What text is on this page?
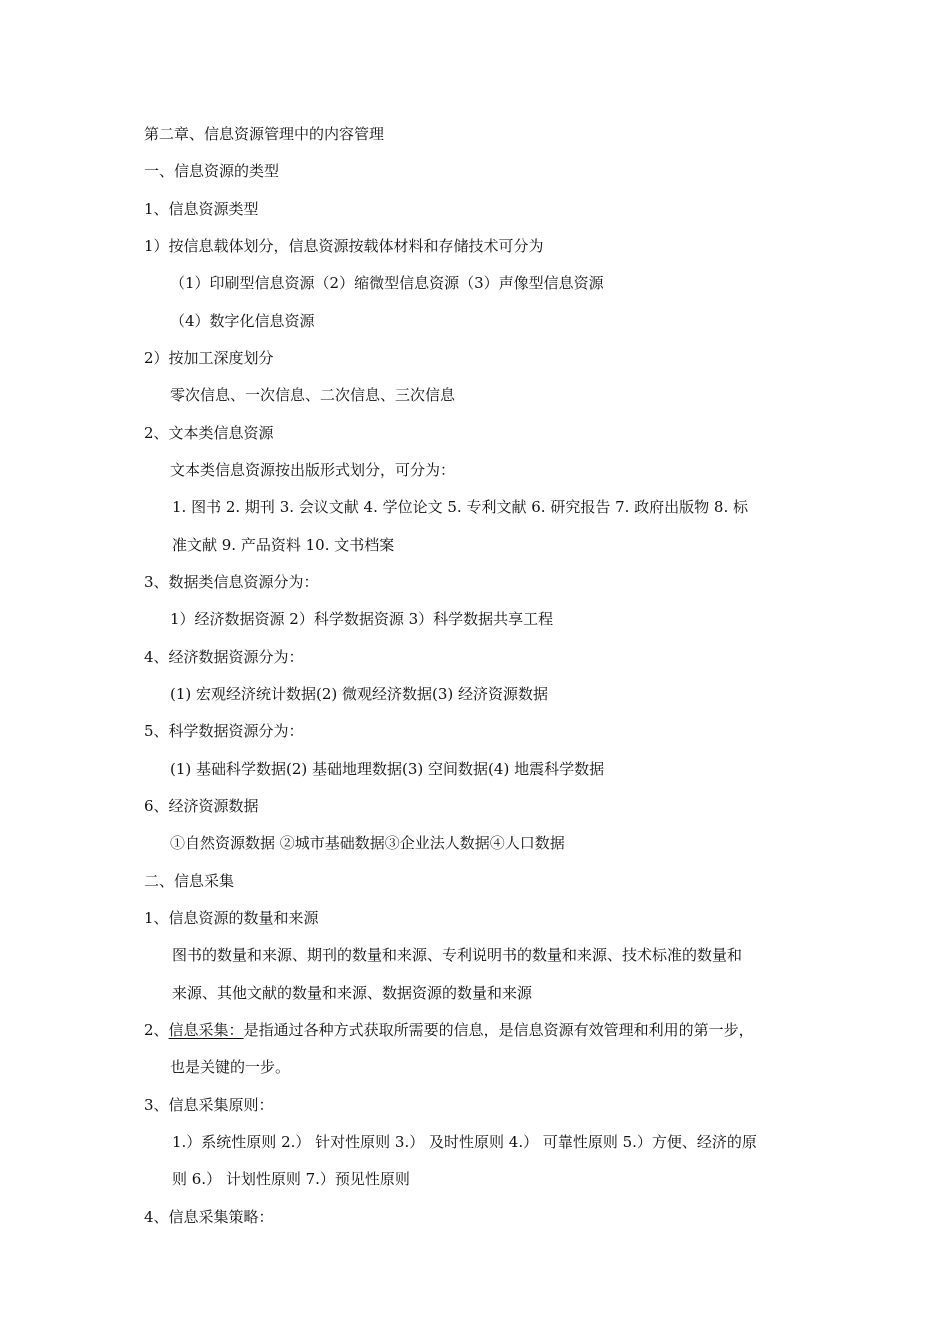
第二章、信息资源管理中的内容管理
一、信息资源的类型
1、信息资源类型
1）按信息载体划分，信息资源按载体材料和存储技术可分为
（1）印刷型信息资源（2）缩微型信息资源（3）声像型信息资源
（4）数字化信息资源
2）按加工深度划分
零次信息、一次信息、二次信息、三次信息
2、文本类信息资源
文本类信息资源按出版形式划分，可分为：
1. 图书 2. 期刊 3. 会议文献 4. 学位论文 5. 专利文献 6. 研究报告 7. 政府出版物 8. 标
准文献 9. 产品资料 10. 文书档案
3、数据类信息资源分为：
1）经济数据资源 2）科学数据资源 3）科学数据共享工程
4、经济数据资源分为：
(1) 宏观经济统计数据(2) 微观经济数据(3) 经济资源数据
5、科学数据资源分为：
(1) 基础科学数据(2) 基础地理数据(3) 空间数据(4) 地震科学数据
6、经济资源数据
①自然资源数据 ②城市基础数据③企业法人数据④人口数据
二、信息采集
1、信息资源的数量和来源
图书的数量和来源、期刊的数量和来源、专利说明书的数量和来源、技术标准的数量和
来源、其他文献的数量和来源、数据资源的数量和来源
2、信息采集：是指通过各种方式获取所需要的信息，是信息资源有效管理和利用的第一步，
也是关键的一步。
3、信息采集原则：
1.）系统性原则 2.） 针对性原则 3.） 及时性原则 4.） 可靠性原则 5.）方便、经济的原
则 6.） 计划性原则 7.）预见性原则
4、信息采集策略：
